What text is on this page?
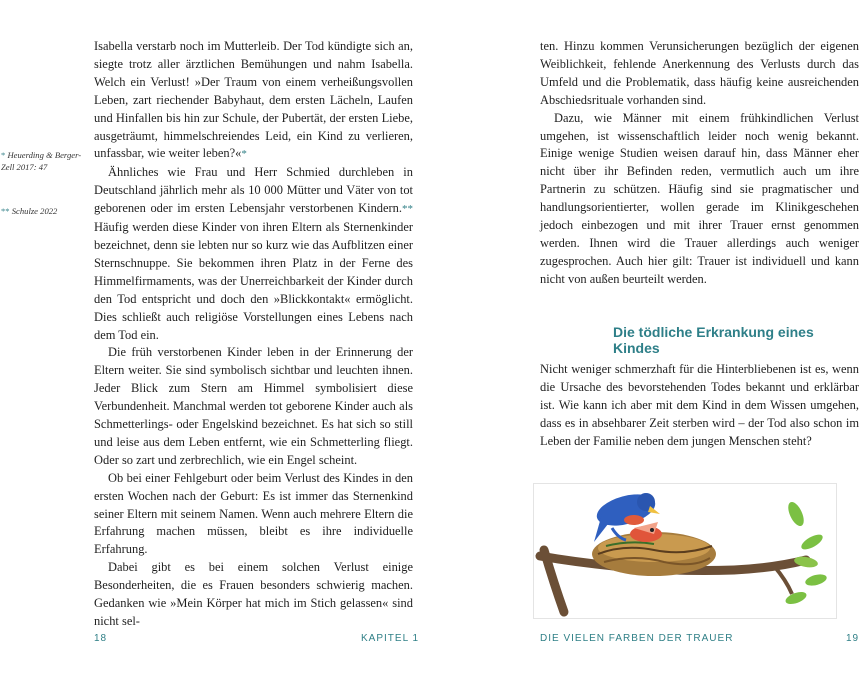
Isabella verstarb noch im Mutterleib. Der Tod kündigte sich an, siegte trotz aller ärztlichen Bemühungen und nahm Isabella. Welch ein Verlust! »Der Traum von einem verheißungsvollen Leben, zart riechender Babyhaut, dem ersten Lächeln, Laufen und Hinfallen bis hin zur Schule, der Pubertät, der ersten Liebe, ausgeträumt, himmelschreiendes Leid, ein Kind zu verlieren, unfassbar, wie weiter leben?«*

Ähnliches wie Frau und Herr Schmied durchleben in Deutschland jährlich mehr als 10 000 Mütter und Väter von tot geborenen oder im ersten Lebensjahr verstorbenen Kindern.** Häufig werden diese Kinder von ihren Eltern als Sternenkinder bezeichnet, denn sie lebten nur so kurz wie das Aufblitzen einer Sternschnuppe. Sie bekommen ihren Platz in der Ferne des Himmelfirmaments, was der Unerreichbarkeit der Kinder durch den Tod entspricht und doch den »Blickkontakt« ermöglicht. Dies schließt auch religiöse Vorstellungen eines Lebens nach dem Tod ein.

Die früh verstorbenen Kinder leben in der Erinnerung der Eltern weiter. Sie sind symbolisch sichtbar und leuchten ihnen. Jeder Blick zum Stern am Himmel symbolisiert diese Verbundenheit. Manchmal werden tot geborene Kinder auch als Schmetterlings- oder Engelskind bezeichnet. Es hat sich so still und leise aus dem Leben entfernt, wie ein Schmetterling fliegt. Oder so zart und zerbrechlich, wie ein Engel scheint.

Ob bei einer Fehlgeburt oder beim Verlust des Kindes in den ersten Wochen nach der Geburt: Es ist immer das Sternenkind seiner Eltern mit seinem Namen. Wenn auch mehrere Eltern die Erfahrung machen müssen, bleibt es ihre individuelle Erfahrung.

Dabei gibt es bei einem solchen Verlust einige Besonderheiten, die es Frauen besonders schwierig machen. Gedanken wie »Mein Körper hat mich im Stich gelassen« sind nicht sel-

* Heuerding & Berger-Zell 2017: 47
** Schulze 2022
18	KAPITEL 1

ten. Hinzu kommen Verunsicherungen bezüglich der eigenen Weiblichkeit, fehlende Anerkennung des Verlusts durch das Umfeld und die Problematik, dass häufig keine ausreichenden Abschiedsrituale vorhanden sind.

Dazu, wie Männer mit einem frühkindlichen Verlust umgehen, ist wissenschaftlich leider noch wenig bekannt. Einige wenige Studien weisen darauf hin, dass Männer eher nicht über ihr Befinden reden, vermutlich auch um ihre Partnerin zu schützen. Häufig sind sie pragmatischer und handlungsorientierter, wollen gerade im Klinikgeschehen jedoch einbezogen und mit ihrer Trauer ernst genommen werden. Ihnen wird die Trauer allerdings auch weniger zugesprochen. Auch hier gilt: Trauer ist individuell und kann nicht von außen beurteilt werden.

Die tödliche Erkrankung eines Kindes

Nicht weniger schmerzhaft für die Hinterbliebenen ist es, wenn die Ursache des bevorstehenden Todes bekannt und erklärbar ist. Wie kann ich aber mit dem Kind in dem Wissen umgehen, dass es in absehbarer Zeit sterben wird – der Tod also schon im Leben der Familie neben dem jungen Menschen steht?

DIE VIELEN FARBEN DER TRAUER	19
